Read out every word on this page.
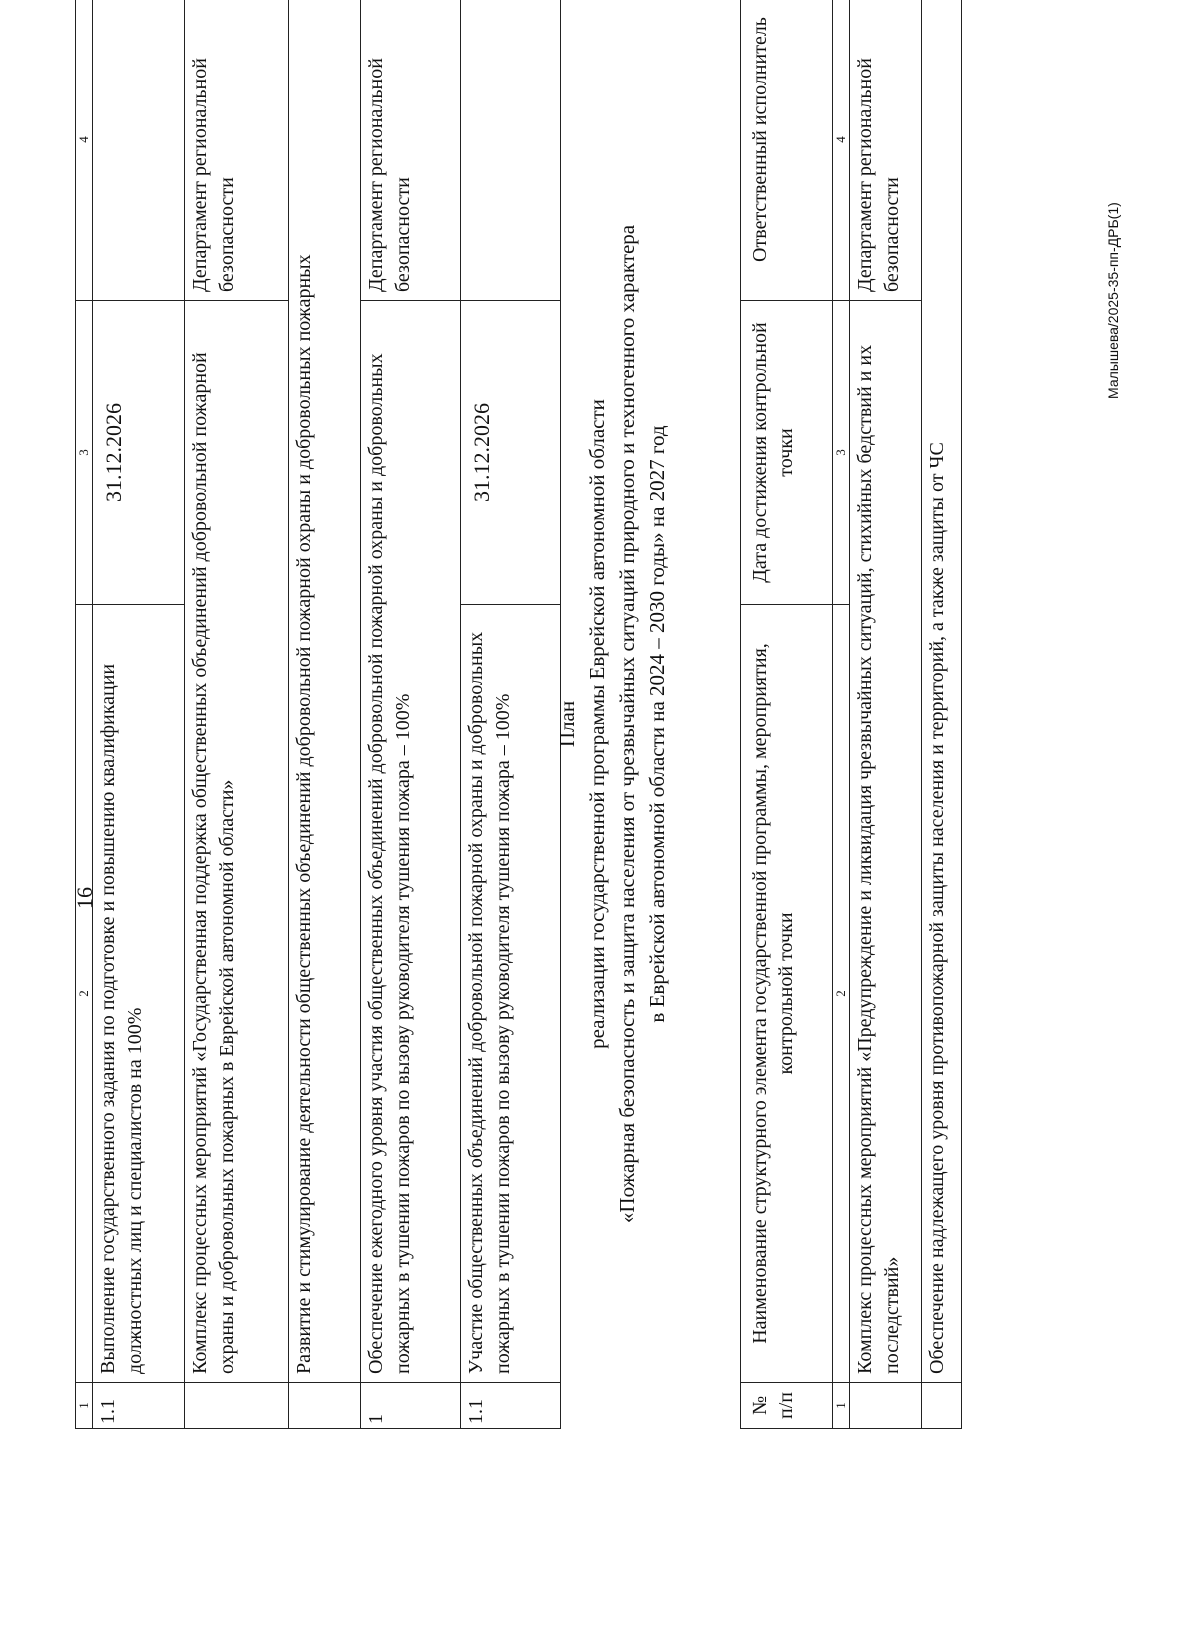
16
1	2	3	4
1.1	Выполнение государственного задания по подготовке и повышению квалификации должностных лиц и специалистов на 100%	31.12.2026	
	Комплекс процессных мероприятий «Государственная поддержка общественных объединений добровольной пожарной охраны и добровольных пожарных в Еврейской автономной области»		Департамент региональной безопасности
	Развитие и стимулирование деятельности общественных объединений добровольной пожарной охраны и добровольных пожарных		
1	Обеспечение ежегодного уровня участия общественных объединений добровольной пожарной охраны и добровольных пожарных в тушении пожаров по вызову руководителя тушения пожара – 100%		Департамент региональной безопасности
1.1	Участие общественных объединений добровольной пожарной охраны и добровольных пожарных в тушении пожаров по вызову руководителя тушения пожара – 100%	31.12.2026	
План реализации государственной программы Еврейской автономной области «Пожарная безопасность и защита населения от чрезвычайных ситуаций природного и техногенного характера в Еврейской автономной области на 2024 – 2030 годы» на 2027 год
№ п/п	Наименование структурного элемента государственной программы, мероприятия, контрольной точки	Дата достижения контрольной точки	Ответственный исполнитель
1	2	3	4
	Комплекс процессных мероприятий «Предупреждение и ликвидация чрезвычайных ситуаций, стихийных бедствий и их последствий»		Департамент региональной безопасности
	Обеспечение надлежащего уровня противопожарной защиты населения и территорий, а также защиты от ЧС		
Малышева/2025-35-пп-ДРБ(1)
